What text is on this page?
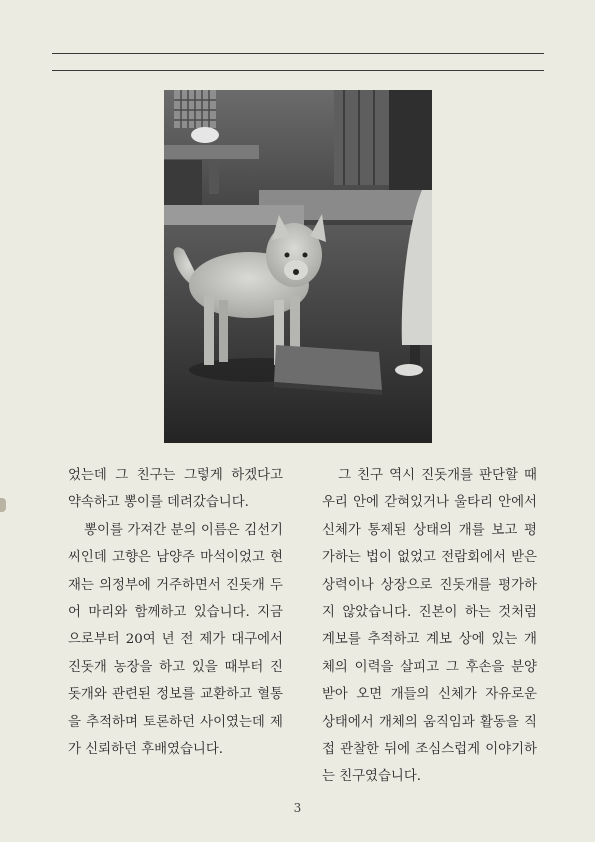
었는데 그 친구는 그렇게 하겠다고 약속하고 뽕이를 데려갔습니다.

뽕이를 가져간 분의 이름은 김선기 씨인데 고향은 남양주 마석이었고 현재는 의정부에 거주하면서 진돗개 두어 마리와 함께하고 있습니다. 지금으로부터 20여 년 전 제가 대구에서 진돗개 농장을 하고 있을 때부터 진돗개와 관련된 정보를 교환하고 혈통을 추적하며 토론하던 사이였는데 제가 신뢰하던 후배였습니다.

그 친구 역시 진돗개를 판단할 때 우리 안에 갇혀있거나 울타리 안에서 신체가 통제된 상태의 개를 보고 평가하는 법이 없었고 전람회에서 받은 상력이나 상장으로 진돗개를 평가하지 않았습니다. 진본이 하는 것처럼 계보를 추적하고 계보 상에 있는 개체의 이력을 살피고 그 후손을 분양받아 오면 개들의 신체가 자유로운 상태에서 개체의 움직임과 활동을 직접 관찰한 뒤에 조심스럽게 이야기하는 친구였습니다.

3
